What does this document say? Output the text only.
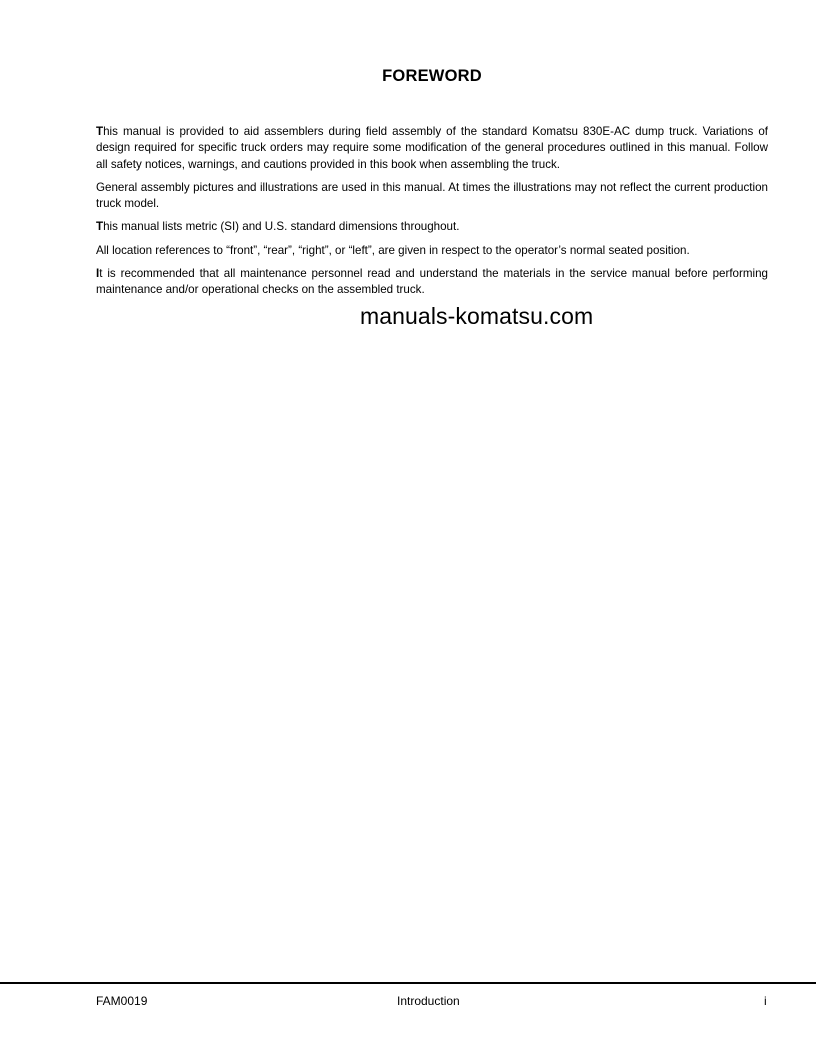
FOREWORD

This manual is provided to aid assemblers during field assembly of the standard Komatsu 830E-AC dump truck. Variations of design required for specific truck orders may require some modification of the general procedures outlined in this manual. Follow all safety notices, warnings, and cautions provided in this book when assembling the truck.

General assembly pictures and illustrations are used in this manual. At times the illustrations may not reflect the current production truck model.

This manual lists metric (SI) and U.S. standard dimensions throughout.

All location references to “front”, “rear”, “right”, or “left”, are given in respect to the operator’s normal seated position.

It is recommended that all maintenance personnel read and understand the materials in the service manual before performing maintenance and/or operational checks on the assembled truck.

manuals-komatsu.com
FAM0019	Introduction	i
